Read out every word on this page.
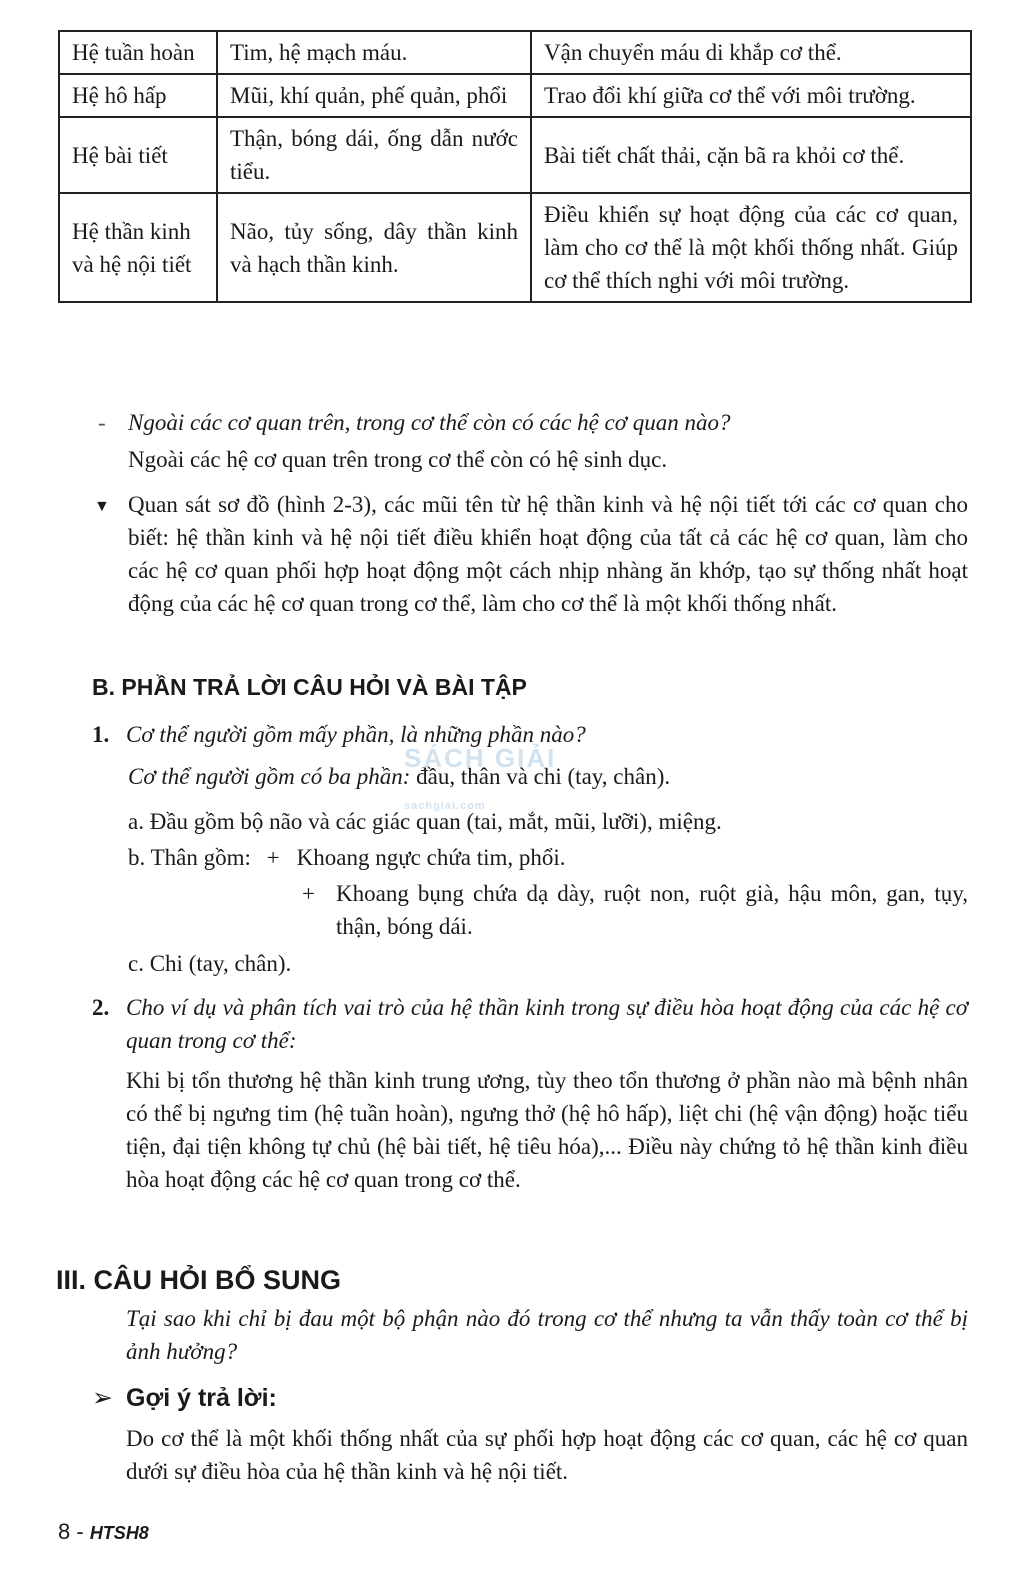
Hệ tuần hoàn	Tim, hệ mạch máu.	Vận chuyển máu di khắp cơ thể.
Hệ hô hấp	Mũi, khí quản, phế quản, phổi	Trao đổi khí giữa cơ thể với môi trường.
Hệ bài tiết	Thận, bóng dái, ống dẫn nước tiểu.	Bài tiết chất thải, cặn bã ra khỏi cơ thể.
Hệ thần kinh và hệ nội tiết	Não, tủy sống, dây thần kinh và hạch thần kinh.	Điều khiển sự hoạt động của các cơ quan, làm cho cơ thể là một khối thống nhất. Giúp cơ thể thích nghi với môi trường.
- Ngoài các cơ quan trên, trong cơ thể còn có các hệ cơ quan nào?
Ngoài các hệ cơ quan trên trong cơ thể còn có hệ sinh dục.
▼ Quan sát sơ đồ (hình 2-3), các mũi tên từ hệ thần kinh và hệ nội tiết tới các cơ quan cho biết: hệ thần kinh và hệ nội tiết điều khiển hoạt động của tất cả các hệ cơ quan, làm cho các hệ cơ quan phối hợp hoạt động một cách nhịp nhàng ăn khớp, tạo sự thống nhất hoạt động của các hệ cơ quan trong cơ thể, làm cho cơ thể là một khối thống nhất.
B. PHẦN TRẢ LỜI CÂU HỎI VÀ BÀI TẬP
1. Cơ thể người gồm mấy phần, là những phần nào?
Cơ thể người gồm có ba phần: đầu, thân và chi (tay, chân).
a. Đầu gồm bộ não và các giác quan (tai, mắt, mũi, lưỡi), miệng.
b. Thân gồm: + Khoang ngực chứa tim, phổi.
+ Khoang bụng chứa dạ dày, ruột non, ruột già, hậu môn, gan, tụy, thận, bóng dái.
c. Chi (tay, chân).
2. Cho ví dụ và phân tích vai trò của hệ thần kinh trong sự điều hòa hoạt động của các hệ cơ quan trong cơ thể:
Khi bị tổn thương hệ thần kinh trung ương, tùy theo tổn thương ở phần nào mà bệnh nhân có thể bị ngưng tim (hệ tuần hoàn), ngưng thở (hệ hô hấp), liệt chi (hệ vận động) hoặc tiểu tiện, đại tiện không tự chủ (hệ bài tiết, hệ tiêu hóa),... Điều này chứng tỏ hệ thần kinh điều hòa hoạt động các hệ cơ quan trong cơ thể.
III. CÂU HỎI BỔ SUNG
Tại sao khi chỉ bị đau một bộ phận nào đó trong cơ thể nhưng ta vẫn thấy toàn cơ thể bị ảnh hưởng?
➢ Gợi ý trả lời:
Do cơ thể là một khối thống nhất của sự phối hợp hoạt động các cơ quan, các hệ cơ quan dưới sự điều hòa của hệ thần kinh và hệ nội tiết.
SÁCH GIẢI
sachgiai.com
8 - HTSH8
